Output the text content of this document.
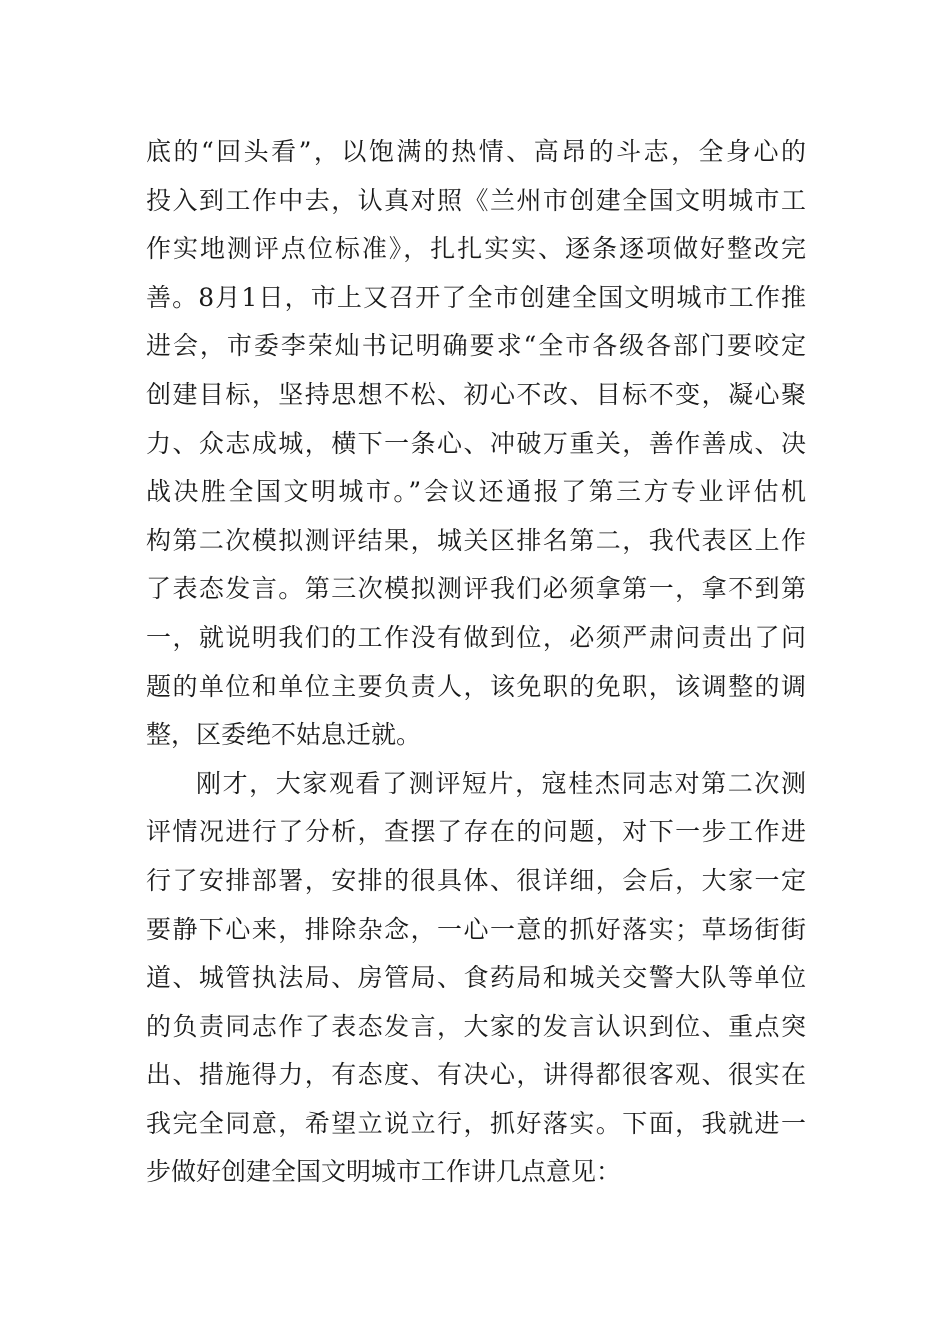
底的“回头看”，以饱满的热情、高昂的斗志，全身心的
投入到工作中去，认真对照《兰州市创建全国文明城市工
作实地测评点位标准》，扎扎实实、逐条逐项做好整改完
善。8月1日，市上又召开了全市创建全国文明城市工作推
进会，市委李荣灿书记明确要求“全市各级各部门要咬定
创建目标，坚持思想不松、初心不改、目标不变，凝心聚
力、众志成城，横下一条心、冲破万重关，善作善成、决
战决胜全国文明城市。”会议还通报了第三方专业评估机
构第二次模拟测评结果，城关区排名第二，我代表区上作
了表态发言。第三次模拟测评我们必须拿第一，拿不到第
一，就说明我们的工作没有做到位，必须严肃问责出了问
题的单位和单位主要负责人，该免职的免职，该调整的调
整，区委绝不姑息迁就。
刚才，大家观看了测评短片，寇桂杰同志对第二次测
评情况进行了分析，查摆了存在的问题，对下一步工作进
行了安排部署，安排的很具体、很详细，会后，大家一定
要静下心来，排除杂念，一心一意的抓好落实；草场街街
道、城管执法局、房管局、食药局和城关交警大队等单位
的负责同志作了表态发言，大家的发言认识到位、重点突
出、措施得力，有态度、有决心，讲得都很客观、很实在
我完全同意，希望立说立行，抓好落实。下面，我就进一
步做好创建全国文明城市工作讲几点意见：
